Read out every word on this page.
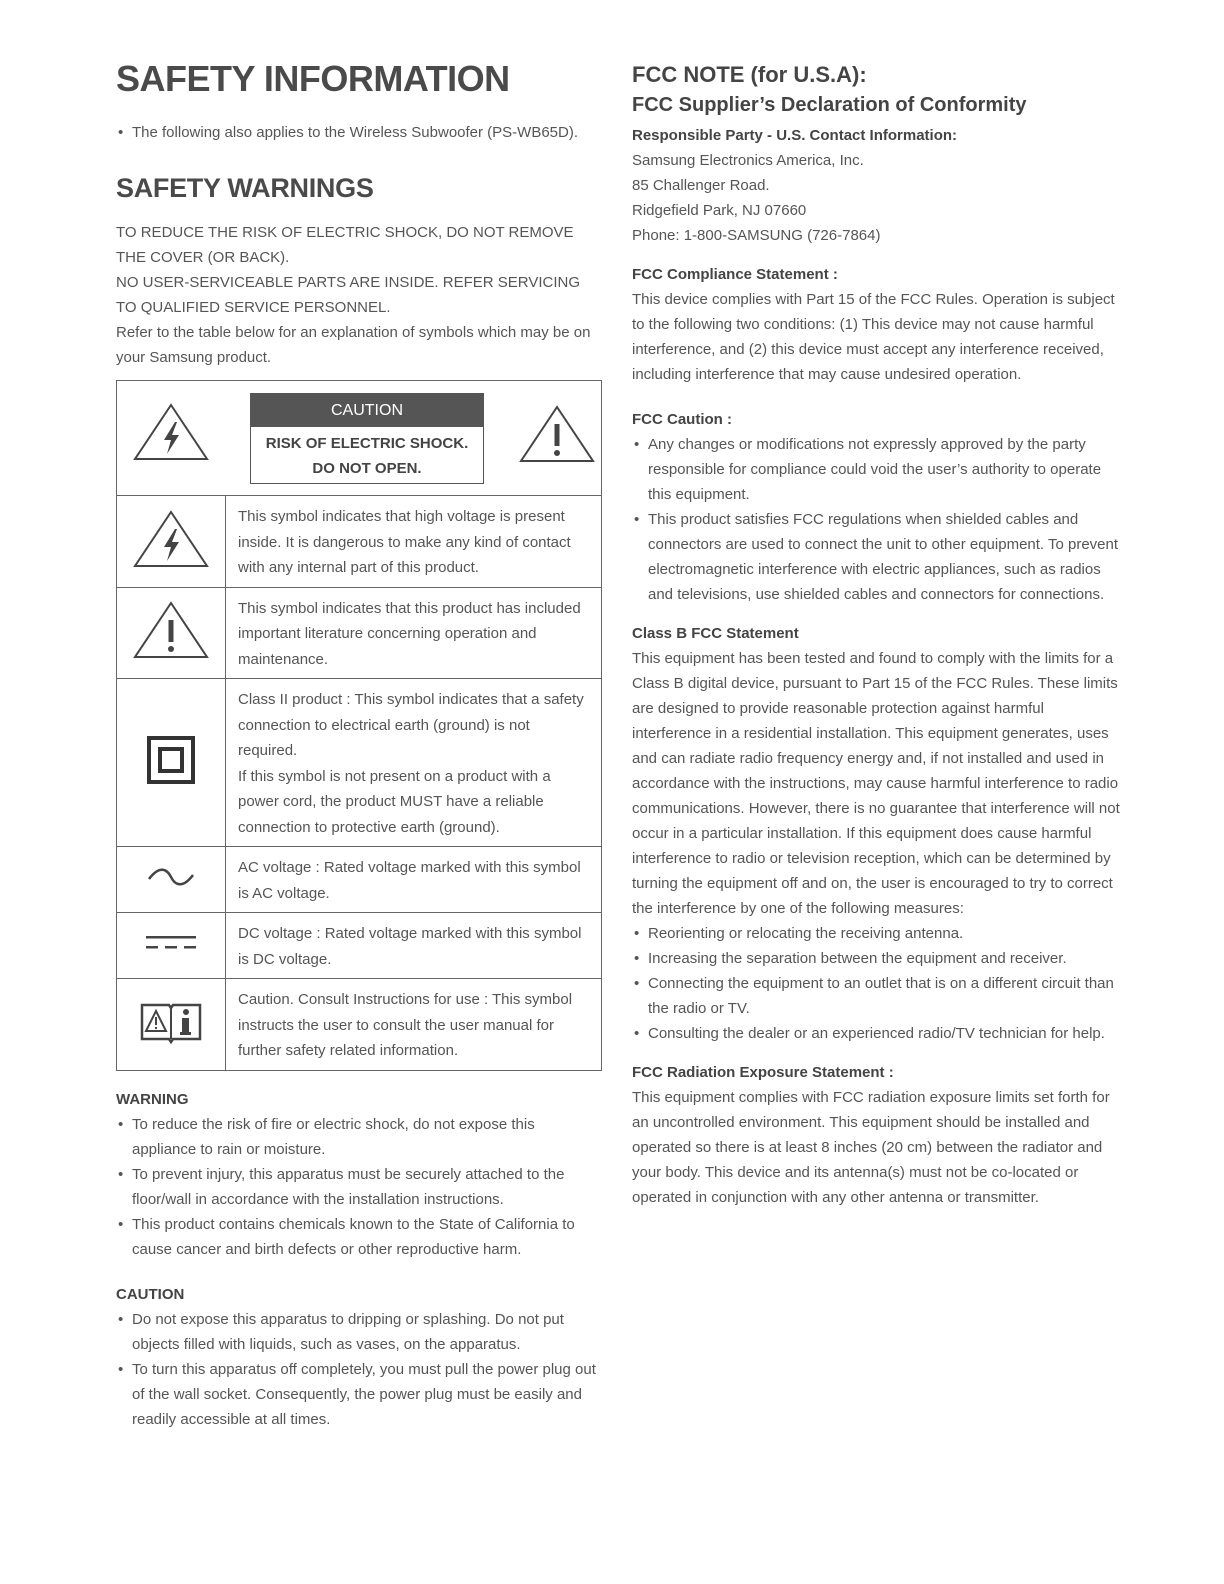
SAFETY INFORMATION
• The following also applies to the Wireless Subwoofer (PS-WB65D).
SAFETY WARNINGS

TO REDUCE THE RISK OF ELECTRIC SHOCK, DO NOT REMOVE THE COVER (OR BACK).

NO USER-SERVICEABLE PARTS ARE INSIDE. REFER SERVICING TO QUALIFIED SERVICE PERSONNEL.

Refer to the table below for an explanation of symbols which may be on your Samsung product.

CAUTION
RISK OF ELECTRIC SHOCK.
DO NOT OPEN.	

	This symbol indicates that high voltage is present inside. It is dangerous to make any kind of contact with any internal part of this product.
	This symbol indicates that this product has included important literature concerning operation and maintenance.

Class II product : This symbol indicates that a safety connection to electrical earth (ground) is not required.
If this symbol is not present on a product with a power cord, the product MUST have a reliable connection to protective earth (ground).

	AC voltage : Rated voltage marked with this symbol is AC voltage.
	DC voltage : Rated voltage marked with this symbol is DC voltage.
	Caution. Consult Instructions for use : This symbol instructs the user to consult the user manual for further safety related information.
WARNING
• To reduce the risk of fire or electric shock, do not expose this appliance to rain or moisture.
• To prevent injury, this apparatus must be securely attached to the floor/wall in accordance with the installation instructions.
• This product contains chemicals known to the State of California to cause cancer and birth defects or other reproductive harm.
CAUTION
• Do not expose this apparatus to dripping or splashing. Do not put objects filled with liquids, such as vases, on the apparatus.
• To turn this apparatus off completely, you must pull the power plug out of the wall socket. Consequently, the power plug must be easily and readily accessible at all times.
FCC NOTE (for U.S.A):
FCC Supplier’s Declaration of Conformity
Responsible Party - U.S. Contact Information:

Samsung Electronics America, Inc.

85 Challenger Road.

Ridgefield Park, NJ 07660

Phone: 1-800-SAMSUNG (726-7864)

FCC Compliance Statement :

This device complies with Part 15 of the FCC Rules. Operation is subject to the following two conditions: (1) This device may not cause harmful interference, and (2) this device must accept any interference received, including interference that may cause undesired operation.

FCC Caution :
• Any changes or modifications not expressly approved by the party responsible for compliance could void the user’s authority to operate this equipment.
• This product satisfies FCC regulations when shielded cables and connectors are used to connect the unit to other equipment. To prevent electromagnetic interference with electric appliances, such as radios and televisions, use shielded cables and connectors for connections.
Class B FCC Statement

This equipment has been tested and found to comply with the limits for a Class B digital device, pursuant to Part 15 of the FCC Rules. These limits are designed to provide reasonable protection against harmful interference in a residential installation. This equipment generates, uses and can radiate radio frequency energy and, if not installed and used in accordance with the instructions, may cause harmful interference to radio communications. However, there is no guarantee that interference will not occur in a particular installation. If this equipment does cause harmful interference to radio or television reception, which can be determined by turning the equipment off and on, the user is encouraged to try to correct the interference by one of the following measures:

• Reorienting or relocating the receiving antenna.
• Increasing the separation between the equipment and receiver.
• Connecting the equipment to an outlet that is on a different circuit than the radio or TV.
• Consulting the dealer or an experienced radio/TV technician for help.
FCC Radiation Exposure Statement :

This equipment complies with FCC radiation exposure limits set forth for an uncontrolled environment. This equipment should be installed and operated so there is at least 8 inches (20 cm) between the radiator and your body. This device and its antenna(s) must not be co-located or operated in conjunction with any other antenna or transmitter.
